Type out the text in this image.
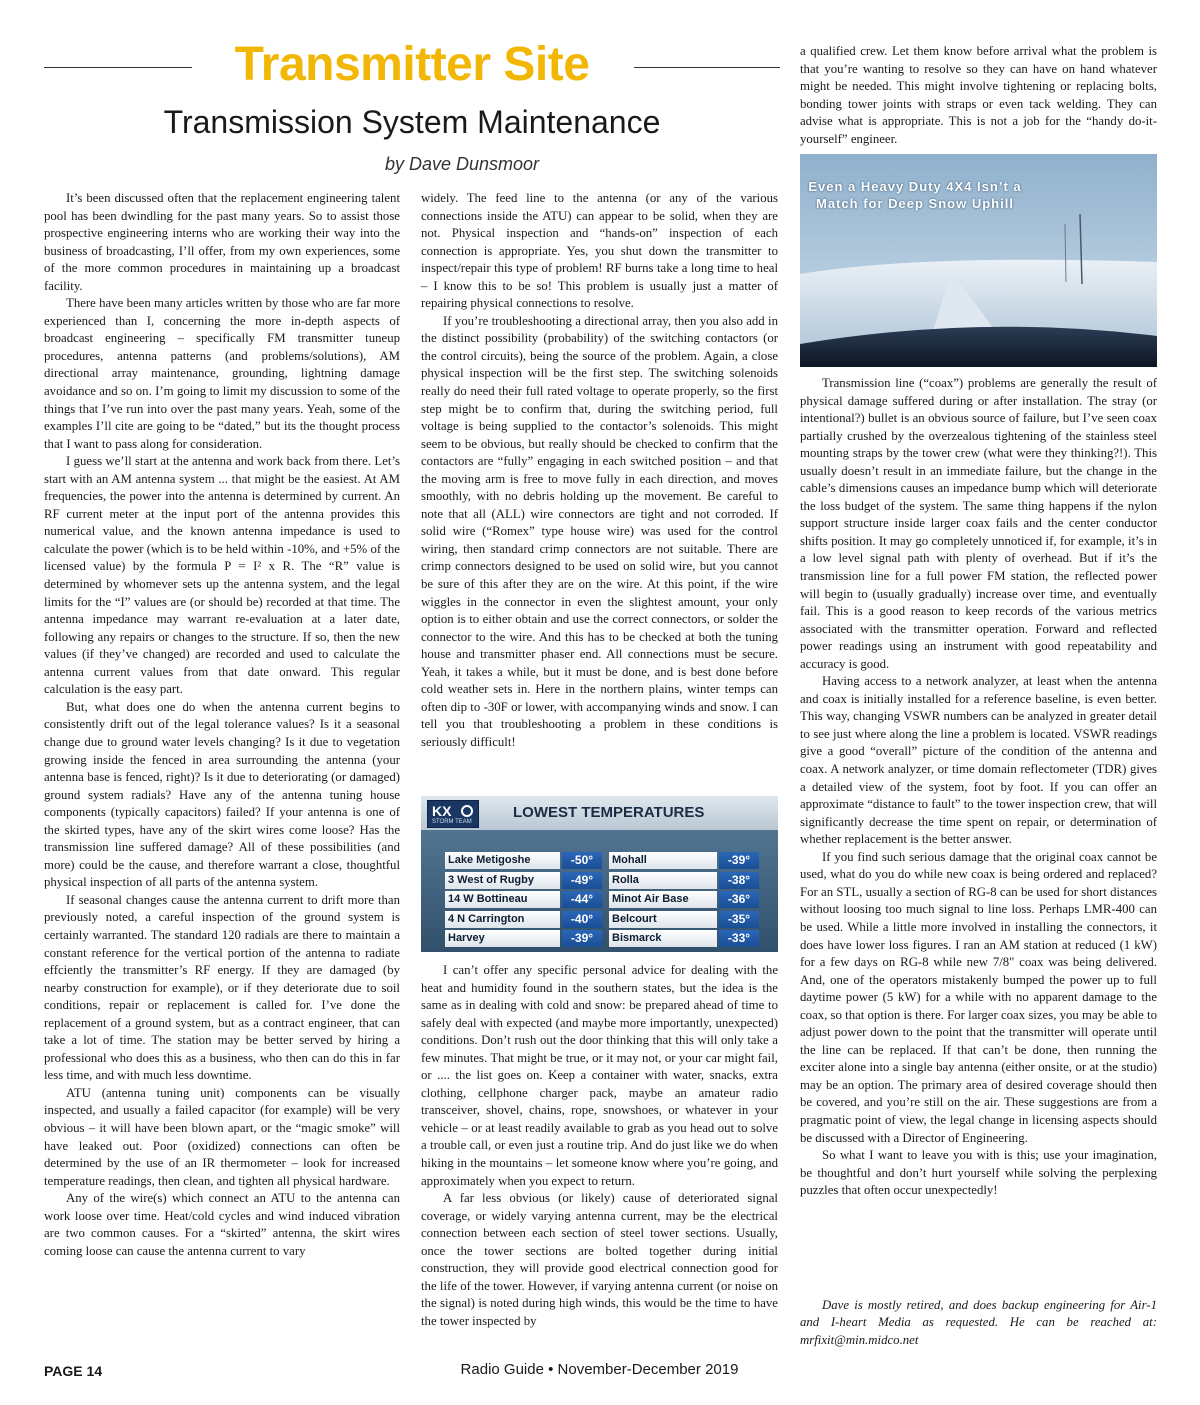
Transmitter Site
Transmission System Maintenance
by Dave Dunsmoor

It’s been discussed often that the replacement engineering talent pool has been dwindling for the past many years. So to assist those prospective engineering interns who are working their way into the business of broadcasting, I’ll offer, from my own experiences, some of the more common procedures in maintaining up a broadcast facility.

There have been many articles written by those who are far more experienced than I, concerning the more in-depth aspects of broadcast engineering – specifically FM transmitter tuneup procedures, antenna patterns (and problems/solutions), AM directional array maintenance, grounding, lightning damage avoidance and so on. I’m going to limit my discussion to some of the things that I’ve run into over the past many years. Yeah, some of the examples I’ll cite are going to be “dated,” but its the thought process that I want to pass along for consideration.

I guess we’ll start at the antenna and work back from there. Let’s start with an AM antenna system ... that might be the easiest. At AM frequencies, the power into the antenna is determined by current. An RF current meter at the input port of the antenna provides this numerical value, and the known antenna impedance is used to calculate the power (which is to be held within -10%, and +5% of the licensed value) by the formula P = I² x R. The “R” value is determined by whomever sets up the antenna system, and the legal limits for the “I” values are (or should be) recorded at that time. The antenna impedance may warrant re-evaluation at a later date, following any repairs or changes to the structure. If so, then the new values (if they’ve changed) are recorded and used to calculate the antenna current values from that date onward. This regular calculation is the easy part.

But, what does one do when the antenna current begins to consistently drift out of the legal tolerance values? Is it a seasonal change due to ground water levels changing? Is it due to vegetation growing inside the fenced in area surrounding the antenna (your antenna base is fenced, right)? Is it due to deteriorating (or damaged) ground system radials? Have any of the antenna tuning house components (typically capacitors) failed? If your antenna is one of the skirted types, have any of the skirt wires come loose? Has the transmission line suffered damage? All of these possibilities (and more) could be the cause, and therefore warrant a close, thoughtful physical inspection of all parts of the antenna system.

If seasonal changes cause the antenna current to drift more than previously noted, a careful inspection of the ground system is certainly warranted. The standard 120 radials are there to maintain a constant reference for the vertical portion of the antenna to radiate effciently the transmitter’s RF energy. If they are damaged (by nearby construction for example), or if they deteriorate due to soil conditions, repair or replacement is called for. I’ve done the replacement of a ground system, but as a contract engineer, that can take a lot of time. The station may be better served by hiring a professional who does this as a business, who then can do this in far less time, and with much less downtime.

ATU (antenna tuning unit) components can be visually inspected, and usually a failed capacitor (for example) will be very obvious – it will have been blown apart, or the “magic smoke” will have leaked out. Poor (oxidized) connections can often be determined by the use of an IR thermometer – look for increased temperature readings, then clean, and tighten all physical hardware.

Any of the wire(s) which connect an ATU to the antenna can work loose over time. Heat/cold cycles and wind induced vibration are two common causes. For a “skirted” antenna, the skirt wires coming loose can cause the antenna current to vary

widely. The feed line to the antenna (or any of the various connections inside the ATU) can appear to be solid, when they are not. Physical inspection and “hands-on” inspection of each connection is appropriate. Yes, you shut down the transmitter to inspect/repair this type of problem! RF burns take a long time to heal – I know this to be so! This problem is usually just a matter of repairing physical connections to resolve.

If you’re troubleshooting a directional array, then you also add in the distinct possibility (probability) of the switching contactors (or the control circuits), being the source of the problem. Again, a close physical inspection will be the first step. The switching solenoids really do need their full rated voltage to operate properly, so the first step might be to confirm that, during the switching period, full voltage is being supplied to the contactor’s solenoids. This might seem to be obvious, but really should be checked to confirm that the contactors are “fully” engaging in each switched position – and that the moving arm is free to move fully in each direction, and moves smoothly, with no debris holding up the movement. Be careful to note that all (ALL) wire connectors are tight and not corroded. If solid wire (“Romex” type house wire) was used for the control wiring, then standard crimp connectors are not suitable. There are crimp connectors designed to be used on solid wire, but you cannot be sure of this after they are on the wire. At this point, if the wire wiggles in the connector in even the slightest amount, your only option is to either obtain and use the correct connectors, or solder the connector to the wire. And this has to be checked at both the tuning house and transmitter phaser end. All connections must be secure. Yeah, it takes a while, but it must be done, and is best done before cold weather sets in. Here in the northern plains, winter temps can often dip to -30F or lower, with accompanying winds and snow. I can tell you that troubleshooting a problem in these conditions is seriously difficult!

KX
STORM TEAM
LOWEST TEMPERATURES
Lake Metigoshe	-50°
3 West of Rugby	-49°
14 W Bottineau	-44°
4 N Carrington	-40°
Harvey	-39°
Mohall	-39°
Rolla	-38°
Minot Air Base	-36°
Belcourt	-35°
Bismarck	-33°

I can’t offer any specific personal advice for dealing with the heat and humidity found in the southern states, but the idea is the same as in dealing with cold and snow: be prepared ahead of time to safely deal with expected (and maybe more importantly, unexpected) conditions. Don’t rush out the door thinking that this will only take a few minutes. That might be true, or it may not, or your car might fail, or .... the list goes on. Keep a container with water, snacks, extra clothing, cellphone charger pack, maybe an amateur radio transceiver, shovel, chains, rope, snowshoes, or whatever in your vehicle – or at least readily available to grab as you head out to solve a trouble call, or even just a routine trip. And do just like we do when hiking in the mountains – let someone know where you’re going, and approximately when you expect to return.

A far less obvious (or likely) cause of deteriorated signal coverage, or widely varying antenna current, may be the electrical connection between each section of steel tower sections. Usually, once the tower sections are bolted together during initial construction, they will provide good electrical connection good for the life of the tower. However, if varying antenna current (or noise on the signal) is noted during high winds, this would be the time to have the tower inspected by

a qualified crew. Let them know before arrival what the problem is that you’re wanting to resolve so they can have on hand whatever might be needed. This might involve tightening or replacing bolts, bonding tower joints with straps or even tack welding. They can advise what is appropriate. This is not a job for the “handy do-it-yourself” engineer.

Even a Heavy Duty 4X4 Isn’t a Match for Deep Snow Uphill

Transmission line (“coax”) problems are generally the result of physical damage suffered during or after installation. The stray (or intentional?) bullet is an obvious source of failure, but I’ve seen coax partially crushed by the overzealous tightening of the stainless steel mounting straps by the tower crew (what were they thinking?!). This usually doesn’t result in an immediate failure, but the change in the cable’s dimensions causes an impedance bump which will deteriorate the loss budget of the system. The same thing happens if the nylon support structure inside larger coax fails and the center conductor shifts position. It may go completely unnoticed if, for example, it’s in a low level signal path with plenty of overhead. But if it’s the transmission line for a full power FM station, the reflected power will begin to (usually gradually) increase over time, and eventually fail. This is a good reason to keep records of the various metrics associated with the transmitter operation. Forward and reflected power readings using an instrument with good repeatability and accuracy is good.

Having access to a network analyzer, at least when the antenna and coax is initially installed for a reference baseline, is even better. This way, changing VSWR numbers can be analyzed in greater detail to see just where along the line a problem is located. VSWR readings give a good “overall” picture of the condition of the antenna and coax. A network analyzer, or time domain reflectometer (TDR) gives a detailed view of the system, foot by foot. If you can offer an approximate “distance to fault” to the tower inspection crew, that will significantly decrease the time spent on repair, or determination of whether replacement is the better answer.

If you find such serious damage that the original coax cannot be used, what do you do while new coax is being ordered and replaced? For an STL, usually a section of RG-8 can be used for short distances without loosing too much signal to line loss. Perhaps LMR-400 can be used. While a little more involved in installing the connectors, it does have lower loss figures. I ran an AM station at reduced (1 kW) for a few days on RG-8 while new 7/8" coax was being delivered. And, one of the operators mistakenly bumped the power up to full daytime power (5 kW) for a while with no apparent damage to the coax, so that option is there. For larger coax sizes, you may be able to adjust power down to the point that the transmitter will operate until the line can be replaced. If that can’t be done, then running the exciter alone into a single bay antenna (either onsite, or at the studio) may be an option. The primary area of desired coverage should then be covered, and you’re still on the air. These suggestions are from a pragmatic point of view, the legal change in licensing aspects should be discussed with a Director of Engineering.

So what I want to leave you with is this; use your imagination, be thoughtful and don’t hurt yourself while solving the perplexing puzzles that often occur unexpectedly!

Dave is mostly retired, and does backup engineering for Air-1 and I-heart Media as requested. He can be reached at: mrfixit@min.midco.net
PAGE 14	Radio Guide • November-December 2019
